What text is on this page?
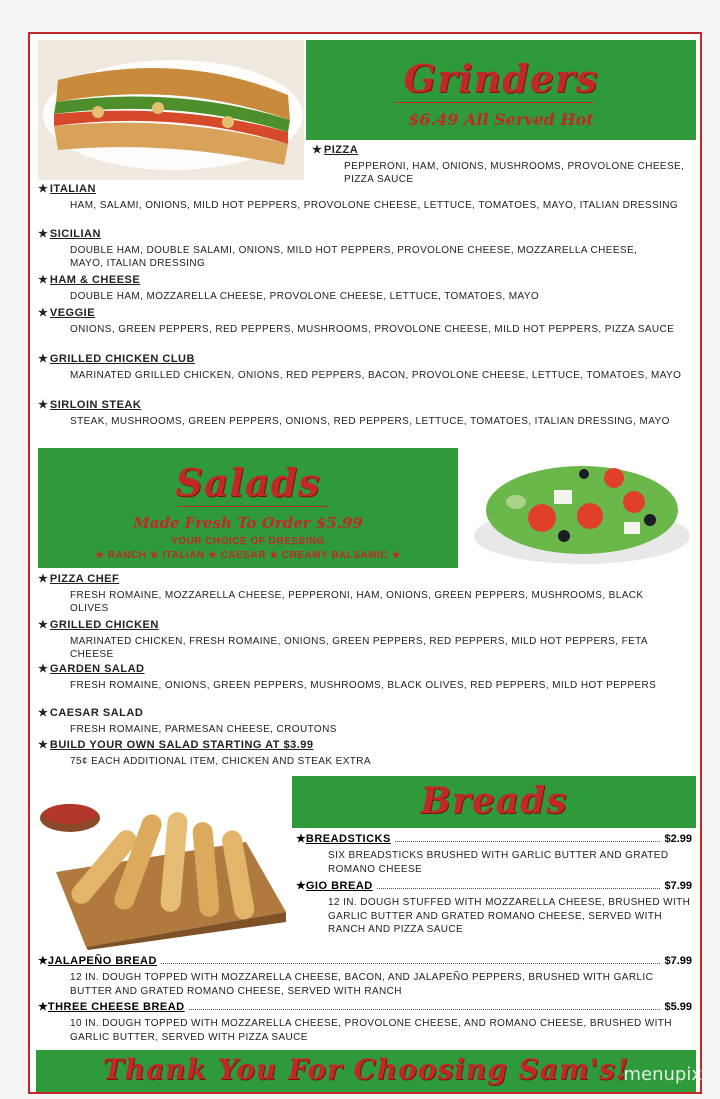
Grinders
$6.49 All Served Hot
★ PIZZA
PEPPERONI, HAM, ONIONS, MUSHROOMS, PROVOLONE CHEESE, PIZZA SAUCE
★ ITALIAN
HAM, SALAMI, ONIONS, MILD HOT PEPPERS, PROVOLONE CHEESE, LETTUCE, TOMATOES, MAYO, ITALIAN DRESSING
★ SICILIAN
DOUBLE HAM, DOUBLE SALAMI, ONIONS, MILD HOT PEPPERS, PROVOLONE CHEESE, MOZZARELLA CHEESE, MAYO, ITALIAN DRESSING
★ HAM & CHEESE
DOUBLE HAM, MOZZARELLA CHEESE, PROVOLONE CHEESE, LETTUCE, TOMATOES, MAYO
★ VEGGIE
ONIONS, GREEN PEPPERS, RED PEPPERS, MUSHROOMS, PROVOLONE CHEESE, MILD HOT PEPPERS, PIZZA SAUCE
★ GRILLED CHICKEN CLUB
MARINATED GRILLED CHICKEN, ONIONS, RED PEPPERS, BACON, PROVOLONE CHEESE, LETTUCE, TOMATOES, MAYO
★ SIRLOIN STEAK
STEAK, MUSHROOMS, GREEN PEPPERS, ONIONS, RED PEPPERS, LETTUCE, TOMATOES, ITALIAN DRESSING, MAYO
Salads
Made Fresh To Order $5.99
YOUR CHOICE OF DRESSING
★ RANCH ★ ITALIAN ★ CAESAR ★ CREAMY BALSAMIC ★
★ PIZZA CHEF
FRESH ROMAINE, MOZZARELLA CHEESE, PEPPERONI, HAM, ONIONS, GREEN PEPPERS, MUSHROOMS, BLACK OLIVES
★ GRILLED CHICKEN
MARINATED CHICKEN, FRESH ROMAINE, ONIONS, GREEN PEPPERS, RED PEPPERS, MILD HOT PEPPERS, FETA CHEESE
★ GARDEN SALAD
FRESH ROMAINE, ONIONS, GREEN PEPPERS, MUSHROOMS, BLACK OLIVES, RED PEPPERS, MILD HOT PEPPERS
★ CAESAR SALAD
FRESH ROMAINE, PARMESAN CHEESE, CROUTONS
★ BUILD YOUR OWN SALAD STARTING AT $3.99
75¢ EACH ADDITIONAL ITEM, CHICKEN AND STEAK EXTRA
Breads
★ BREADSTICKS	$2.99
SIX BREADSTICKS BRUSHED WITH GARLIC BUTTER AND GRATED ROMANO CHEESE
★ GIO BREAD	$7.99
12 IN. DOUGH STUFFED WITH MOZZARELLA CHEESE, BRUSHED WITH GARLIC BUTTER AND GRATED ROMANO CHEESE, SERVED WITH RANCH AND PIZZA SAUCE
★ JALAPEÑO BREAD	$7.99
12 IN. DOUGH TOPPED WITH MOZZARELLA CHEESE, BACON, AND JALAPEÑO PEPPERS, BRUSHED WITH GARLIC BUTTER AND GRATED ROMANO CHEESE, SERVED WITH RANCH
★ THREE CHEESE BREAD	$5.99
10 IN. DOUGH TOPPED WITH MOZZARELLA CHEESE, PROVOLONE CHEESE, AND ROMANO CHEESE, BRUSHED WITH GARLIC BUTTER, SERVED WITH PIZZA SAUCE
Thank You For Choosing Sam's!
menupix
